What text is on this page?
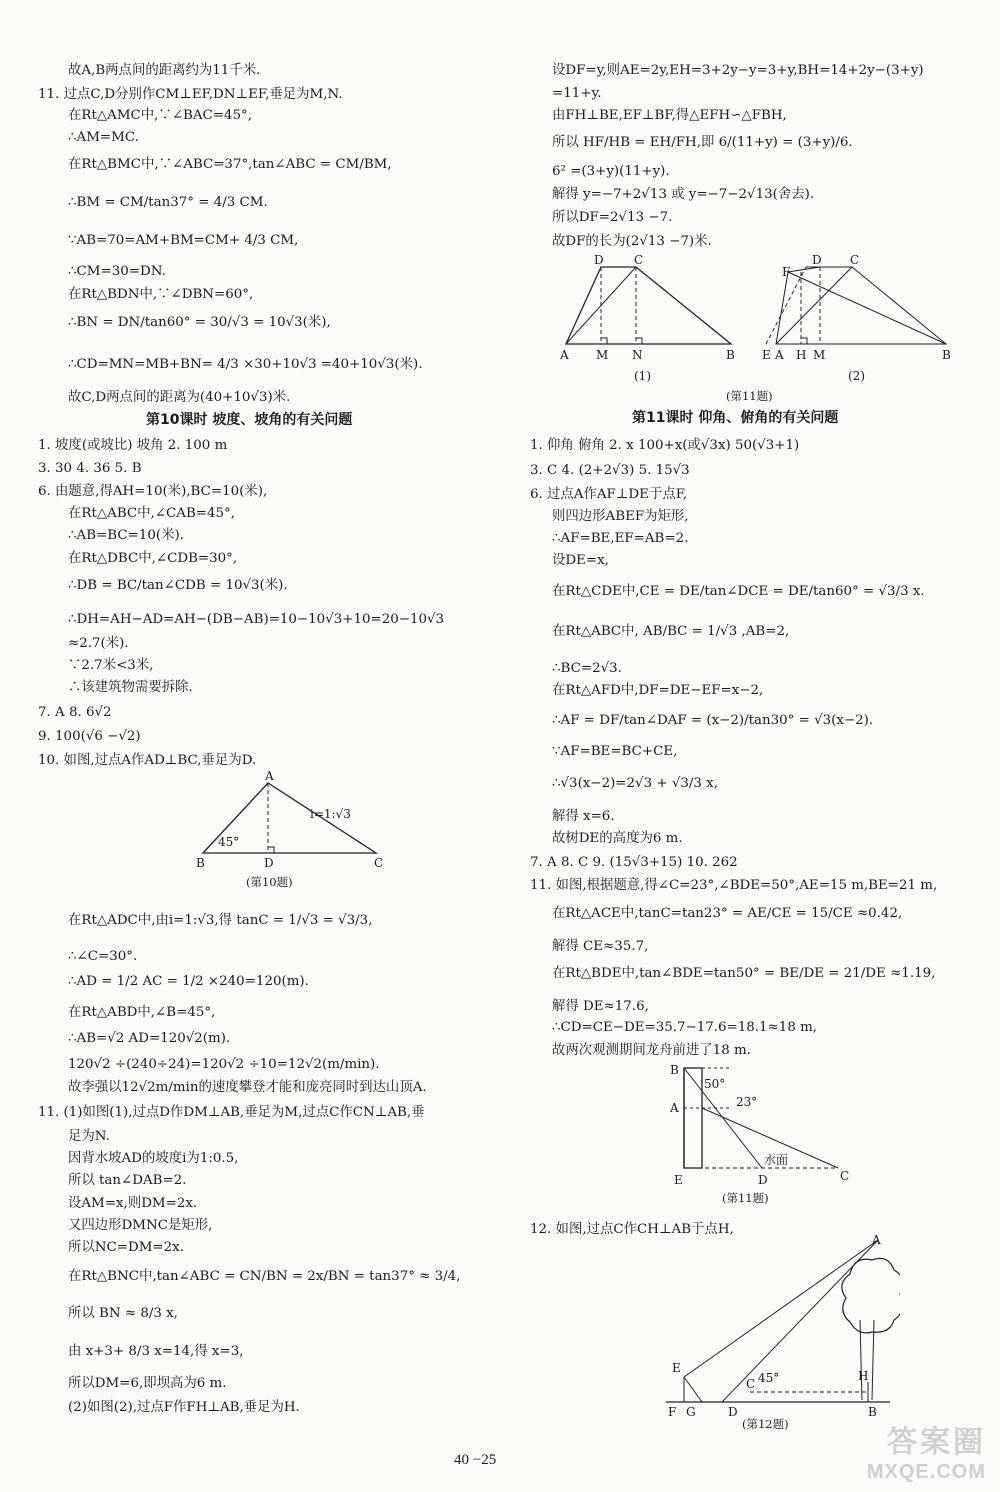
故A,B两点间的距离约为11千米.
11. 过点C,D分别作CM⊥EF,DN⊥EF,垂足为M,N.
在Rt△AMC中,∵∠BAC=45°,
∴AM=MC.
在Rt△BMC中,∵∠ABC=37°,tan∠ABC = CM/BM,
∴BM = CM/tan37° = 4/3 CM.
∵AB=70=AM+BM=CM+ 4/3 CM,
∴CM=30=DN.
在Rt△BDN中,∵∠DBN=60°,
∴BN = DN/tan60° = 30/√3 = 10√3(米),
∴CD=MN=MB+BN= 4/3 ×30+10√3 =40+10√3(米).
故C,D两点间的距离为(40+10√3)米.
第10课时 坡度、坡角的有关问题
1. 坡度(或坡比) 坡角 2. 100 m
3. 30 4. 36 5. B
6. 由题意,得AH=10(米),BC=10(米),
在Rt△ABC中,∠CAB=45°,
∴AB=BC=10(米).
在Rt△DBC中,∠CDB=30°,
∴DB = BC/tan∠CDB = 10√3(米).
∴DH=AH−AD=AH−(DB−AB)=10−10√3+10=20−10√3
≈2.7(米).
∵2.7米<3米,
∴该建筑物需要拆除.
7. A 8. 6√2
9. 100(√6 −√2)
10. 如图,过点A作AD⊥BC,垂足为D.
在Rt△ADC中,由i=1:√3,得 tanC = 1/√3 = √3/3,
∴∠C=30°.
∴AD = 1/2 AC = 1/2 ×240=120(m).
在Rt△ABD中,∠B=45°,
∴AB=√2 AD=120√2(m).
120√2 ÷(240÷24)=120√2 ÷10=12√2(m/min).
故李强以12√2m/min的速度攀登才能和庞亮同时到达山顶A.
11. (1)如图(1),过点D作DM⊥AB,垂足为M,过点C作CN⊥AB,垂
足为N.
因背水坡AD的坡度i为1:0.5,
所以 tan∠DAB=2.
设AM=x,则DM=2x.
又四边形DMNC是矩形,
所以NC=DM=2x.
在Rt△BNC中,tan∠ABC = CN/BN = 2x/BN = tan37° ≈ 3/4,
所以 BN ≈ 8/3 x,
由 x+3+ 8/3 x=14,得 x=3,
所以DM=6,即坝高为6 m.
(2)如图(2),过点F作FH⊥AB,垂足为H.
A
B	D	C
45°
i=1:√3
(第10题)
设DF=y,则AE=2y,EH=3+2y−y=3+y,BH=14+2y−(3+y)
=11+y.
由FH⊥BE,EF⊥BF,得△EFH∽△FBH,
所以 HF/HB = EH/FH,即 6/(11+y) = (3+y)/6.
6² =(3+y)(11+y).
解得 y=−7+2√13 或 y=−7−2√13(舍去).
所以DF=2√13 −7.
故DF的长为(2√13 −7)米.
第11课时 仰角、俯角的有关问题
1. 仰角 俯角 2. x 100+x(或√3x) 50(√3+1)
3. C 4. (2+2√3) 5. 15√3
6. 过点A作AF⊥DE于点F,
则四边形ABEF为矩形,
∴AF=BE,EF=AB=2.
设DE=x,
在Rt△CDE中,CE = DE/tan∠DCE = DE/tan60° = √3/3 x.
在Rt△ABC中, AB/BC = 1/√3 ,AB=2,
∴BC=2√3.
在Rt△AFD中,DF=DE−EF=x−2,
∴AF = DF/tan∠DAF = (x−2)/tan30° = √3(x−2).
∵AF=BE=BC+CE,
∴√3(x−2)=2√3 + √3/3 x,
解得 x=6.
故树DE的高度为6 m.
7. A 8. C 9. (15√3+15) 10. 262
11. 如图,根据题意,得∠C=23°,∠BDE=50°,AE=15 m,BE=21 m,
在Rt△ACE中,tanC=tan23° = AE/CE = 15/CE ≈0.42,
解得 CE≈35.7,
在Rt△BDE中,tan∠BDE=tan50° = BE/DE = 21/DE ≈1.19,
解得 DE≈17.6,
∴CD=CE−DE=35.7−17.6=18.1≈18 m,
故两次观测期间龙舟前进了18 m.
12. 如图,过点C作CH⊥AB于点H,
D	C
A M N	B
(1)
F
D C
E A H M	B
(2)
(第11题)
B
A
50°
23°
水面
E	D	C
(第11题)
A
E
C 45°	H
F G	D	B
(第12题)
40 −25
答案圈
MXQE.COM
